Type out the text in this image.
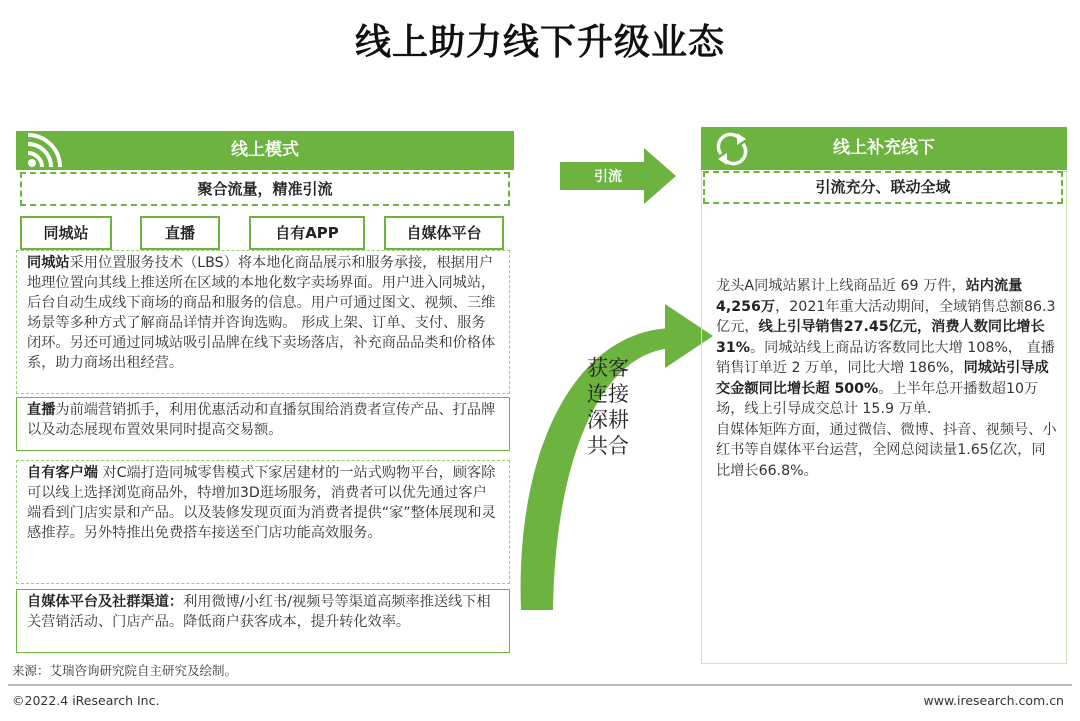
线上助力线下升级业态
线上模式
聚合流量，精准引流
同城站	直播	自有APP	自媒体平台
同城站采用位置服务技术（LBS）将本地化商品展示和服务承接，根据用户地理位置向其线上推送所在区域的本地化数字卖场界面。用户进入同城站，后台自动生成线下商场的商品和服务的信息。用户可通过图文、视频、三维场景等多种方式了解商品详情并咨询选购。 形成上架、订单、支付、服务闭环。另还可通过同城站吸引品牌在线下卖场落店，补充商品品类和价格体系，助力商场出租经营。
直播为前端营销抓手，利用优惠活动和直播氛围给消费者宣传产品、打品牌以及动态展现布置效果同时提高交易额。
自有客户端 对C端打造同城零售模式下家居建材的一站式购物平台，顾客除可以线上选择浏览商品外，特增加3D逛场服务，消费者可以优先通过客户端看到门店实景和产品。以及装修发现页面为消费者提供“家”整体展现和灵感推荐。另外特推出免费搭车接送至门店功能高效服务。
自媒体平台及社群渠道：利用微博/小红书/视频号等渠道高频率推送线下相关营销活动、门店产品。降低商户获客成本，提升转化效率。
引流
获客
连接
深耕
共合
线上补充线下
引流充分、联动全域
龙头A同城站累计上线商品近 69 万件，站内流量4,256万，2021年重大活动期间，全域销售总额86.3亿元，线上引导销售27.45亿元，消费人数同比增长31%。同城站线上商品访客数同比大增 108%， 直播销售订单近 2 万单，同比大增 186%，同城站引导成交金额同比增长超 500%。上半年总开播数超10万场，线上引导成交总计 15.9 万单.
自媒体矩阵方面，通过微信、微博、抖音、视频号、小红书等自媒体平台运营，全网总阅读量1.65亿次，同比增长66.8%。
来源：艾瑞咨询研究院自主研究及绘制。
©2022.4 iResearch Inc.	www.iresearch.com.cn
